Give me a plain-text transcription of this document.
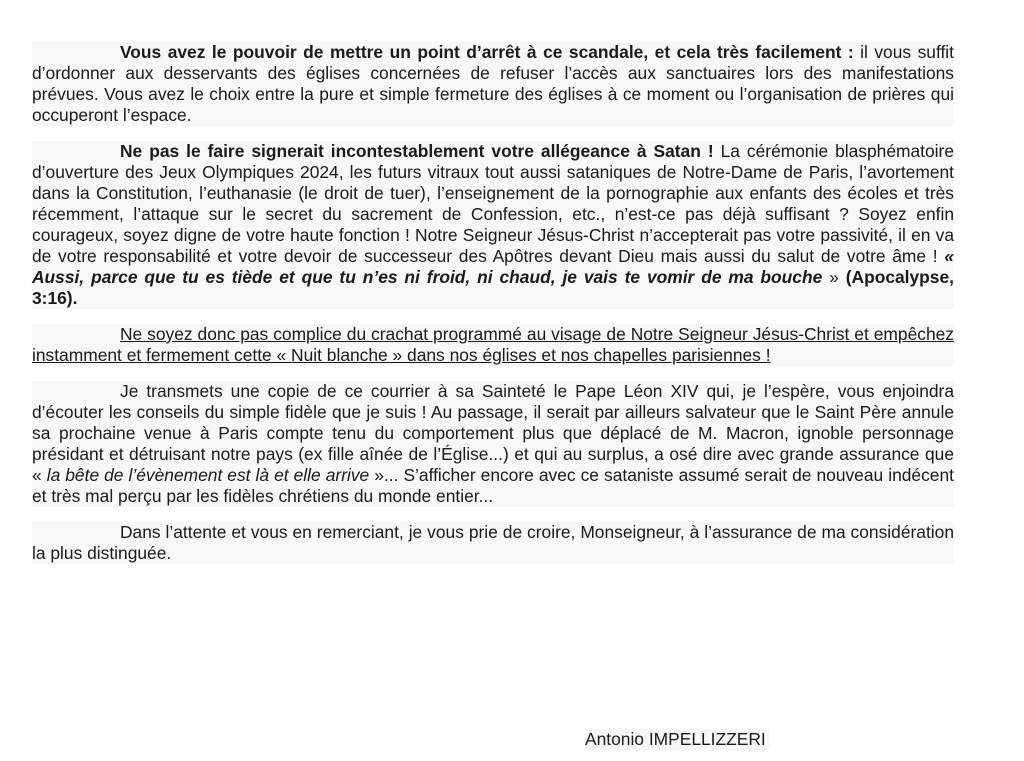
Vous avez le pouvoir de mettre un point d’arrêt à ce scandale, et cela très facilement : il vous suffit d’ordonner aux desservants des églises concernées de refuser l’accès aux sanctuaires lors des manifestations prévues. Vous avez le choix entre la pure et simple fermeture des églises à ce moment ou l’organisation de prières qui occuperont l’espace.

Ne pas le faire signerait incontestablement votre allégeance à Satan ! La cérémonie blasphématoire d’ouverture des Jeux Olympiques 2024, les futurs vitraux tout aussi sataniques de Notre-Dame de Paris, l’avortement dans la Constitution, l’euthanasie (le droit de tuer), l’enseignement de la pornographie aux enfants des écoles et très récemment, l’attaque sur le secret du sacrement de Confession, etc., n’est-ce pas déjà suffisant ? Soyez enfin courageux, soyez digne de votre haute fonction ! Notre Seigneur Jésus-Christ n’accepterait pas votre passivité, il en va de votre responsabilité et votre devoir de successeur des Apôtres devant Dieu mais aussi du salut de votre âme ! « Aussi, parce que tu es tiède et que tu n’es ni froid, ni chaud, je vais te vomir de ma bouche » (Apocalypse, 3:16).

Ne soyez donc pas complice du crachat programmé au visage de Notre Seigneur Jésus-Christ et empêchez instamment et fermement cette « Nuit blanche » dans nos églises et nos chapelles parisiennes !

Je transmets une copie de ce courrier à sa Sainteté le Pape Léon XIV qui, je l’espère, vous enjoindra d’écouter les conseils du simple fidèle que je suis ! Au passage, il serait par ailleurs salvateur que le Saint Père annule sa prochaine venue à Paris compte tenu du comportement plus que déplacé de M. Macron, ignoble personnage présidant et détruisant notre pays (ex fille aînée de l’Église...) et qui au surplus, a osé dire avec grande assurance que « la bête de l’évènement est là et elle arrive »... S’afficher encore avec ce sataniste assumé serait de nouveau indécent et très mal perçu par les fidèles chrétiens du monde entier...

Dans l’attente et vous en remerciant, je vous prie de croire, Monseigneur, à l’assurance de ma considération la plus distinguée.

Antonio IMPELLIZZERI
